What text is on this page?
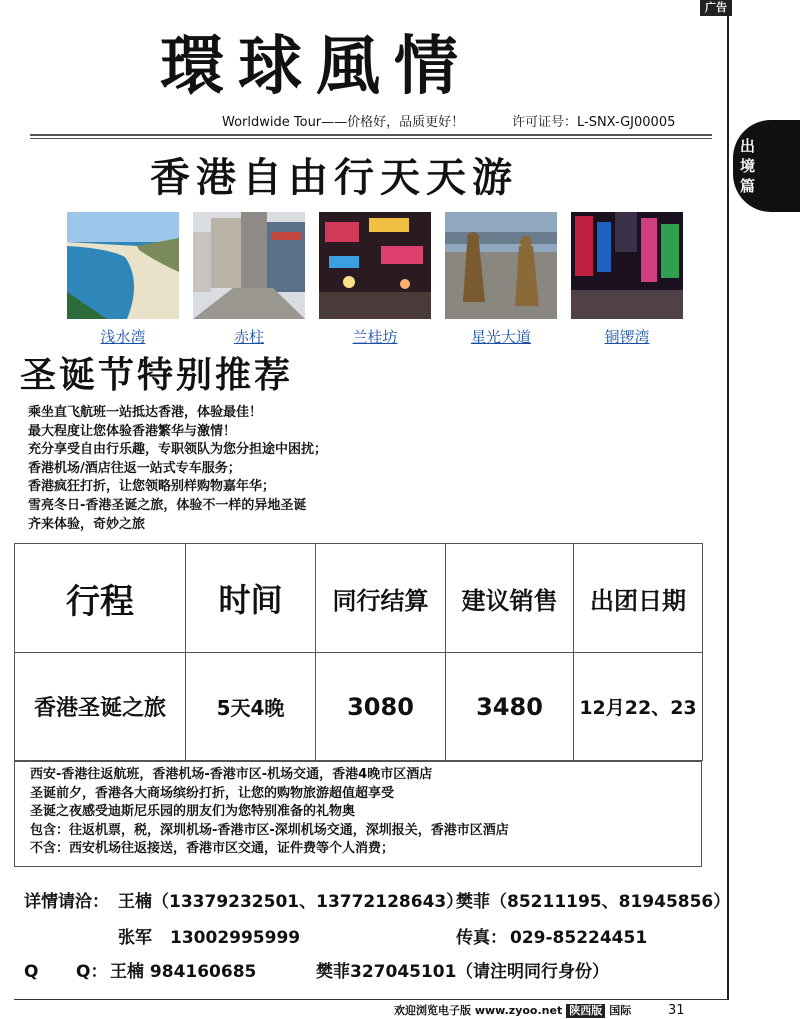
广告
環球風情
Worldwide Tour——价格好，品质更好！	许可证号：L-SNX-GJ00005
出境篇
香港自由行天天游
浅水湾	赤柱	兰桂坊	星光大道	铜锣湾
圣诞节特别推荐
乘坐直飞航班一站抵达香港，体验最佳！
最大程度让您体验香港繁华与激情！
充分享受自由行乐趣，专职领队为您分担途中困扰；
香港机场/酒店往返一站式专车服务；
香港疯狂打折，让您领略别样购物嘉年华；
雪亮冬日-香港圣诞之旅，体验不一样的异地圣诞
齐来体验，奇妙之旅
行程	时间	同行结算	建议销售	出团日期
香港圣诞之旅	5天4晚	3080	3480	12月22、23
西安-香港往返航班，香港机场-香港市区-机场交通，香港4晚市区酒店
圣诞前夕，香港各大商场缤纷打折，让您的购物旅游超值超享受
圣诞之夜感受迪斯尼乐园的朋友们为您特别准备的礼物奥
包含：往返机票，税，深圳机场-香港市区-深圳机场交通，深圳报关，香港市区酒店
不含：西安机场往返接送，香港市区交通，证件费等个人消费；
详情请洽： 王楠 （13379232501、13772128643）
樊菲 （85211195、81945856）
张军 13002995999	传真： 029-85224451
Q Q： 王楠 984160685	樊菲327045101 （请注明同行身份）
欢迎浏览电子版 www.zyoo.net 陕西版 国际	31
